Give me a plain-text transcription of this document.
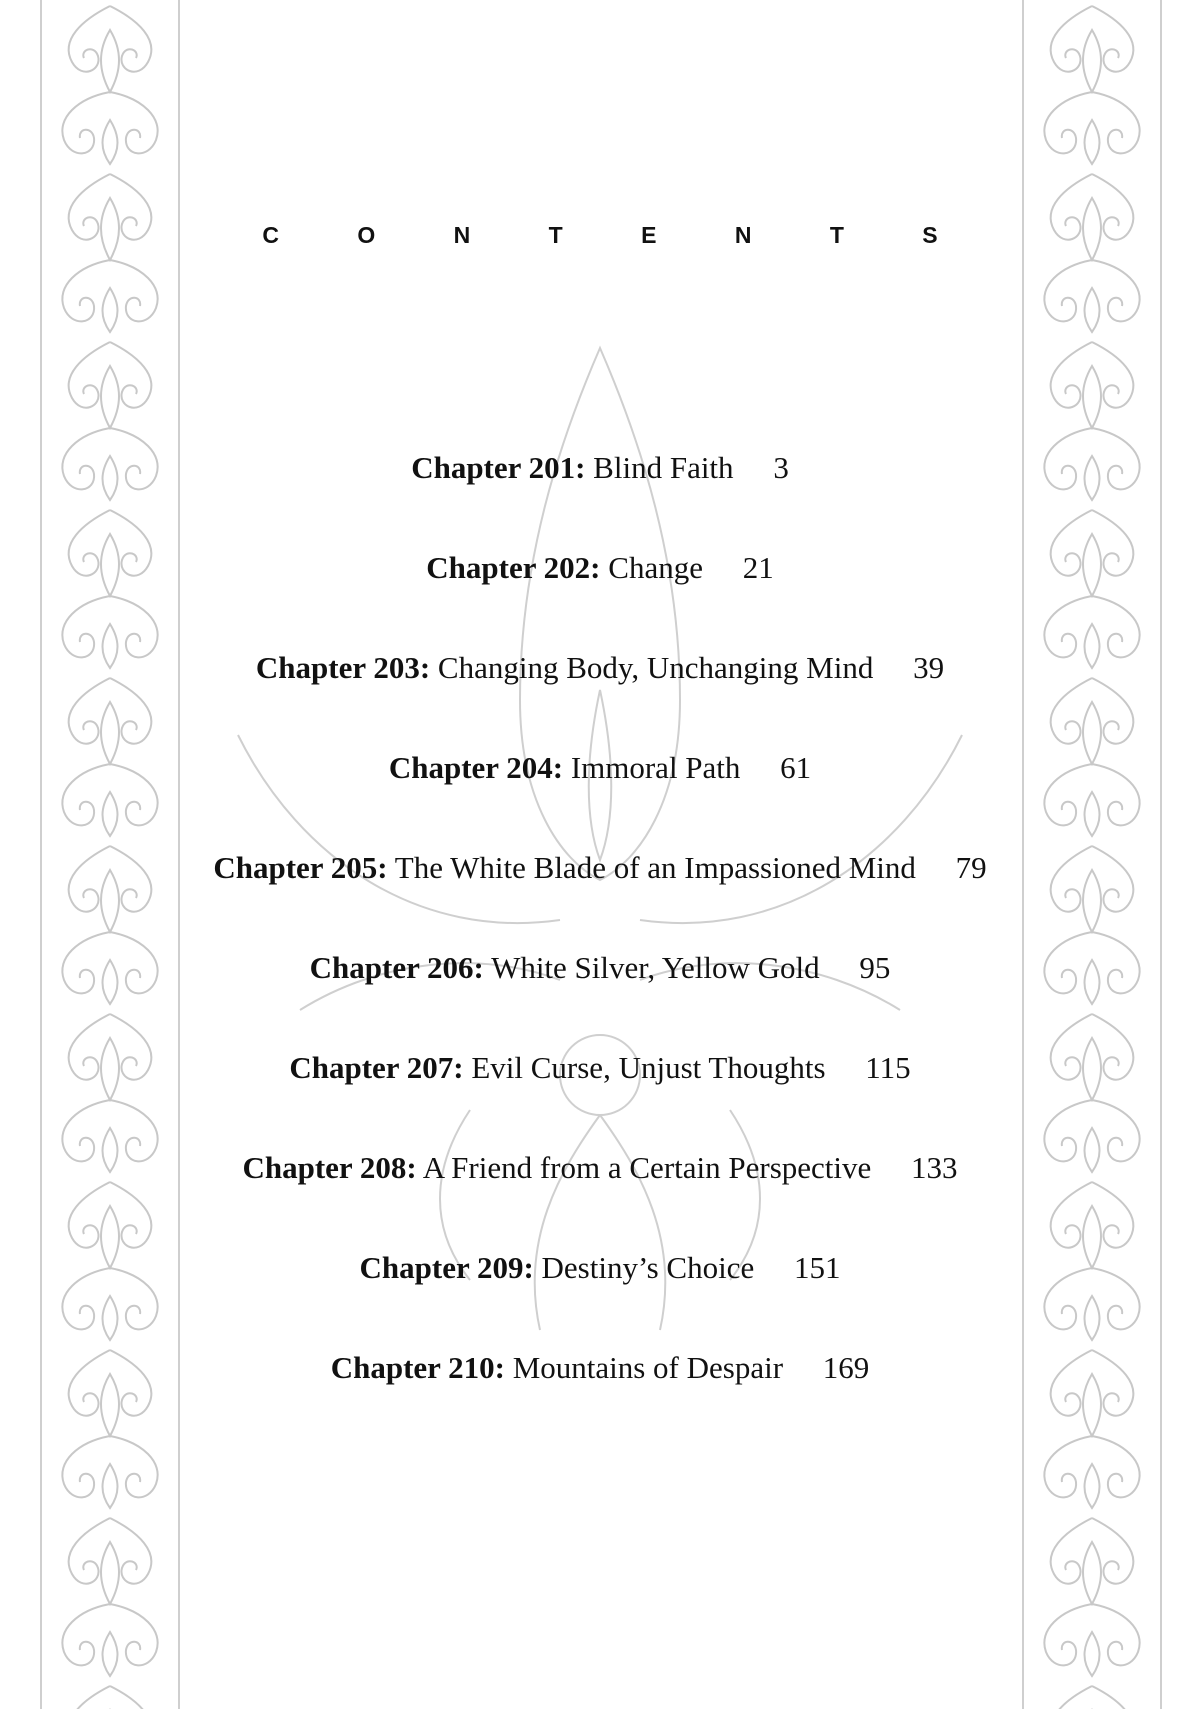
C O N T E N T S
Chapter 201: Blind Faith 3
Chapter 202: Change 21
Chapter 203: Changing Body, Unchanging Mind 39
Chapter 204: Immoral Path 61
Chapter 205: The White Blade of an Impassioned Mind 79
Chapter 206: White Silver, Yellow Gold 95
Chapter 207: Evil Curse, Unjust Thoughts 115
Chapter 208: A Friend from a Certain Perspective 133
Chapter 209: Destiny’s Choice 151
Chapter 210: Mountains of Despair 169
